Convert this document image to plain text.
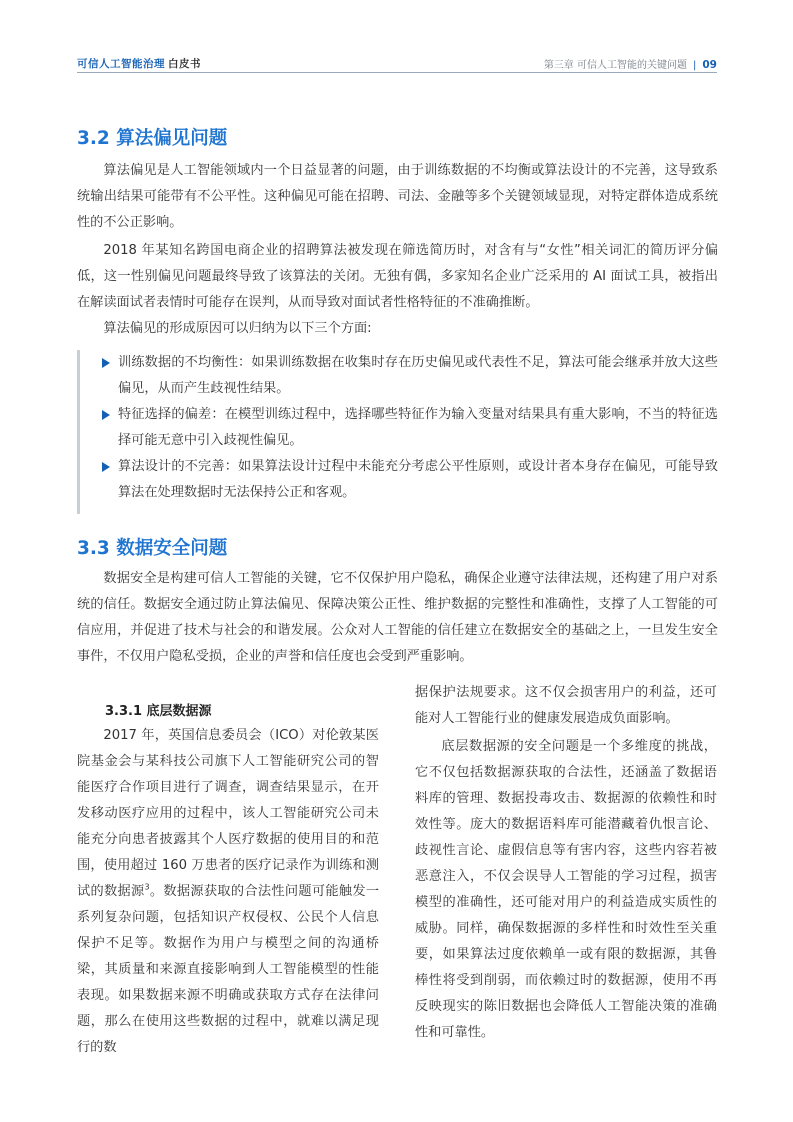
可信人工智能治理 白皮书	第三章 可信人工智能的关键问题 | 09
3.2 算法偏见问题
算法偏见是人工智能领域内一个日益显著的问题，由于训练数据的不均衡或算法设计的不完善，这导致系统输出结果可能带有不公平性。这种偏见可能在招聘、司法、金融等多个关键领域显现，对特定群体造成系统性的不公正影响。
2018 年某知名跨国电商企业的招聘算法被发现在筛选简历时，对含有与“女性”相关词汇的简历评分偏低，这一性别偏见问题最终导致了该算法的关闭。无独有偶，多家知名企业广泛采用的 AI 面试工具，被指出在解读面试者表情时可能存在误判，从而导致对面试者性格特征的不准确推断。
算法偏见的形成原因可以归纳为以下三个方面:
训练数据的不均衡性：如果训练数据在收集时存在历史偏见或代表性不足，算法可能会继承并放大这些偏见，从而产生歧视性结果。
特征选择的偏差：在模型训练过程中，选择哪些特征作为输入变量对结果具有重大影响，不当的特征选择可能无意中引入歧视性偏见。
算法设计的不完善：如果算法设计过程中未能充分考虑公平性原则，或设计者本身存在偏见，可能导致算法在处理数据时无法保持公正和客观。
3.3 数据安全问题
数据安全是构建可信人工智能的关键，它不仅保护用户隐私，确保企业遵守法律法规，还构建了用户对系统的信任。数据安全通过防止算法偏见、保障决策公正性、维护数据的完整性和准确性，支撑了人工智能的可信应用，并促进了技术与社会的和谐发展。公众对人工智能的信任建立在数据安全的基础之上，一旦发生安全事件，不仅用户隐私受损，企业的声誉和信任度也会受到严重影响。
3.3.1 底层数据源
2017 年，英国信息委员会（ICO）对伦敦某医院基金会与某科技公司旗下人工智能研究公司的智能医疗合作项目进行了调查，调查结果显示，在开发移动医疗应用的过程中，该人工智能研究公司未能充分向患者披露其个人医疗数据的使用目的和范围，使用超过 160 万患者的医疗记录作为训练和测试的数据源$^3$。数据源获取的合法性问题可能触发一系列复杂问题，包括知识产权侵权、公民个人信息保护不足等。数据作为用户与模型之间的沟通桥梁，其质量和来源直接影响到人工智能模型的性能表现。如果数据来源不明确或获取方式存在法律问题，那么在使用这些数据的过程中，就难以满足现行的数
据保护法规要求。这不仅会损害用户的利益，还可能对人工智能行业的健康发展造成负面影响。
底层数据源的安全问题是一个多维度的挑战，它不仅包括数据源获取的合法性，还涵盖了数据语料库的管理、数据投毒攻击、数据源的依赖性和时效性等。庞大的数据语料库可能潜藏着仇恨言论、歧视性言论、虚假信息等有害内容，这些内容若被恶意注入，不仅会误导人工智能的学习过程，损害模型的准确性，还可能对用户的利益造成实质性的威胁。同样，确保数据源的多样性和时效性至关重要，如果算法过度依赖单一或有限的数据源，其鲁棒性将受到削弱，而依赖过时的数据源，使用不再反映现实的陈旧数据也会降低人工智能决策的准确性和可靠性。
